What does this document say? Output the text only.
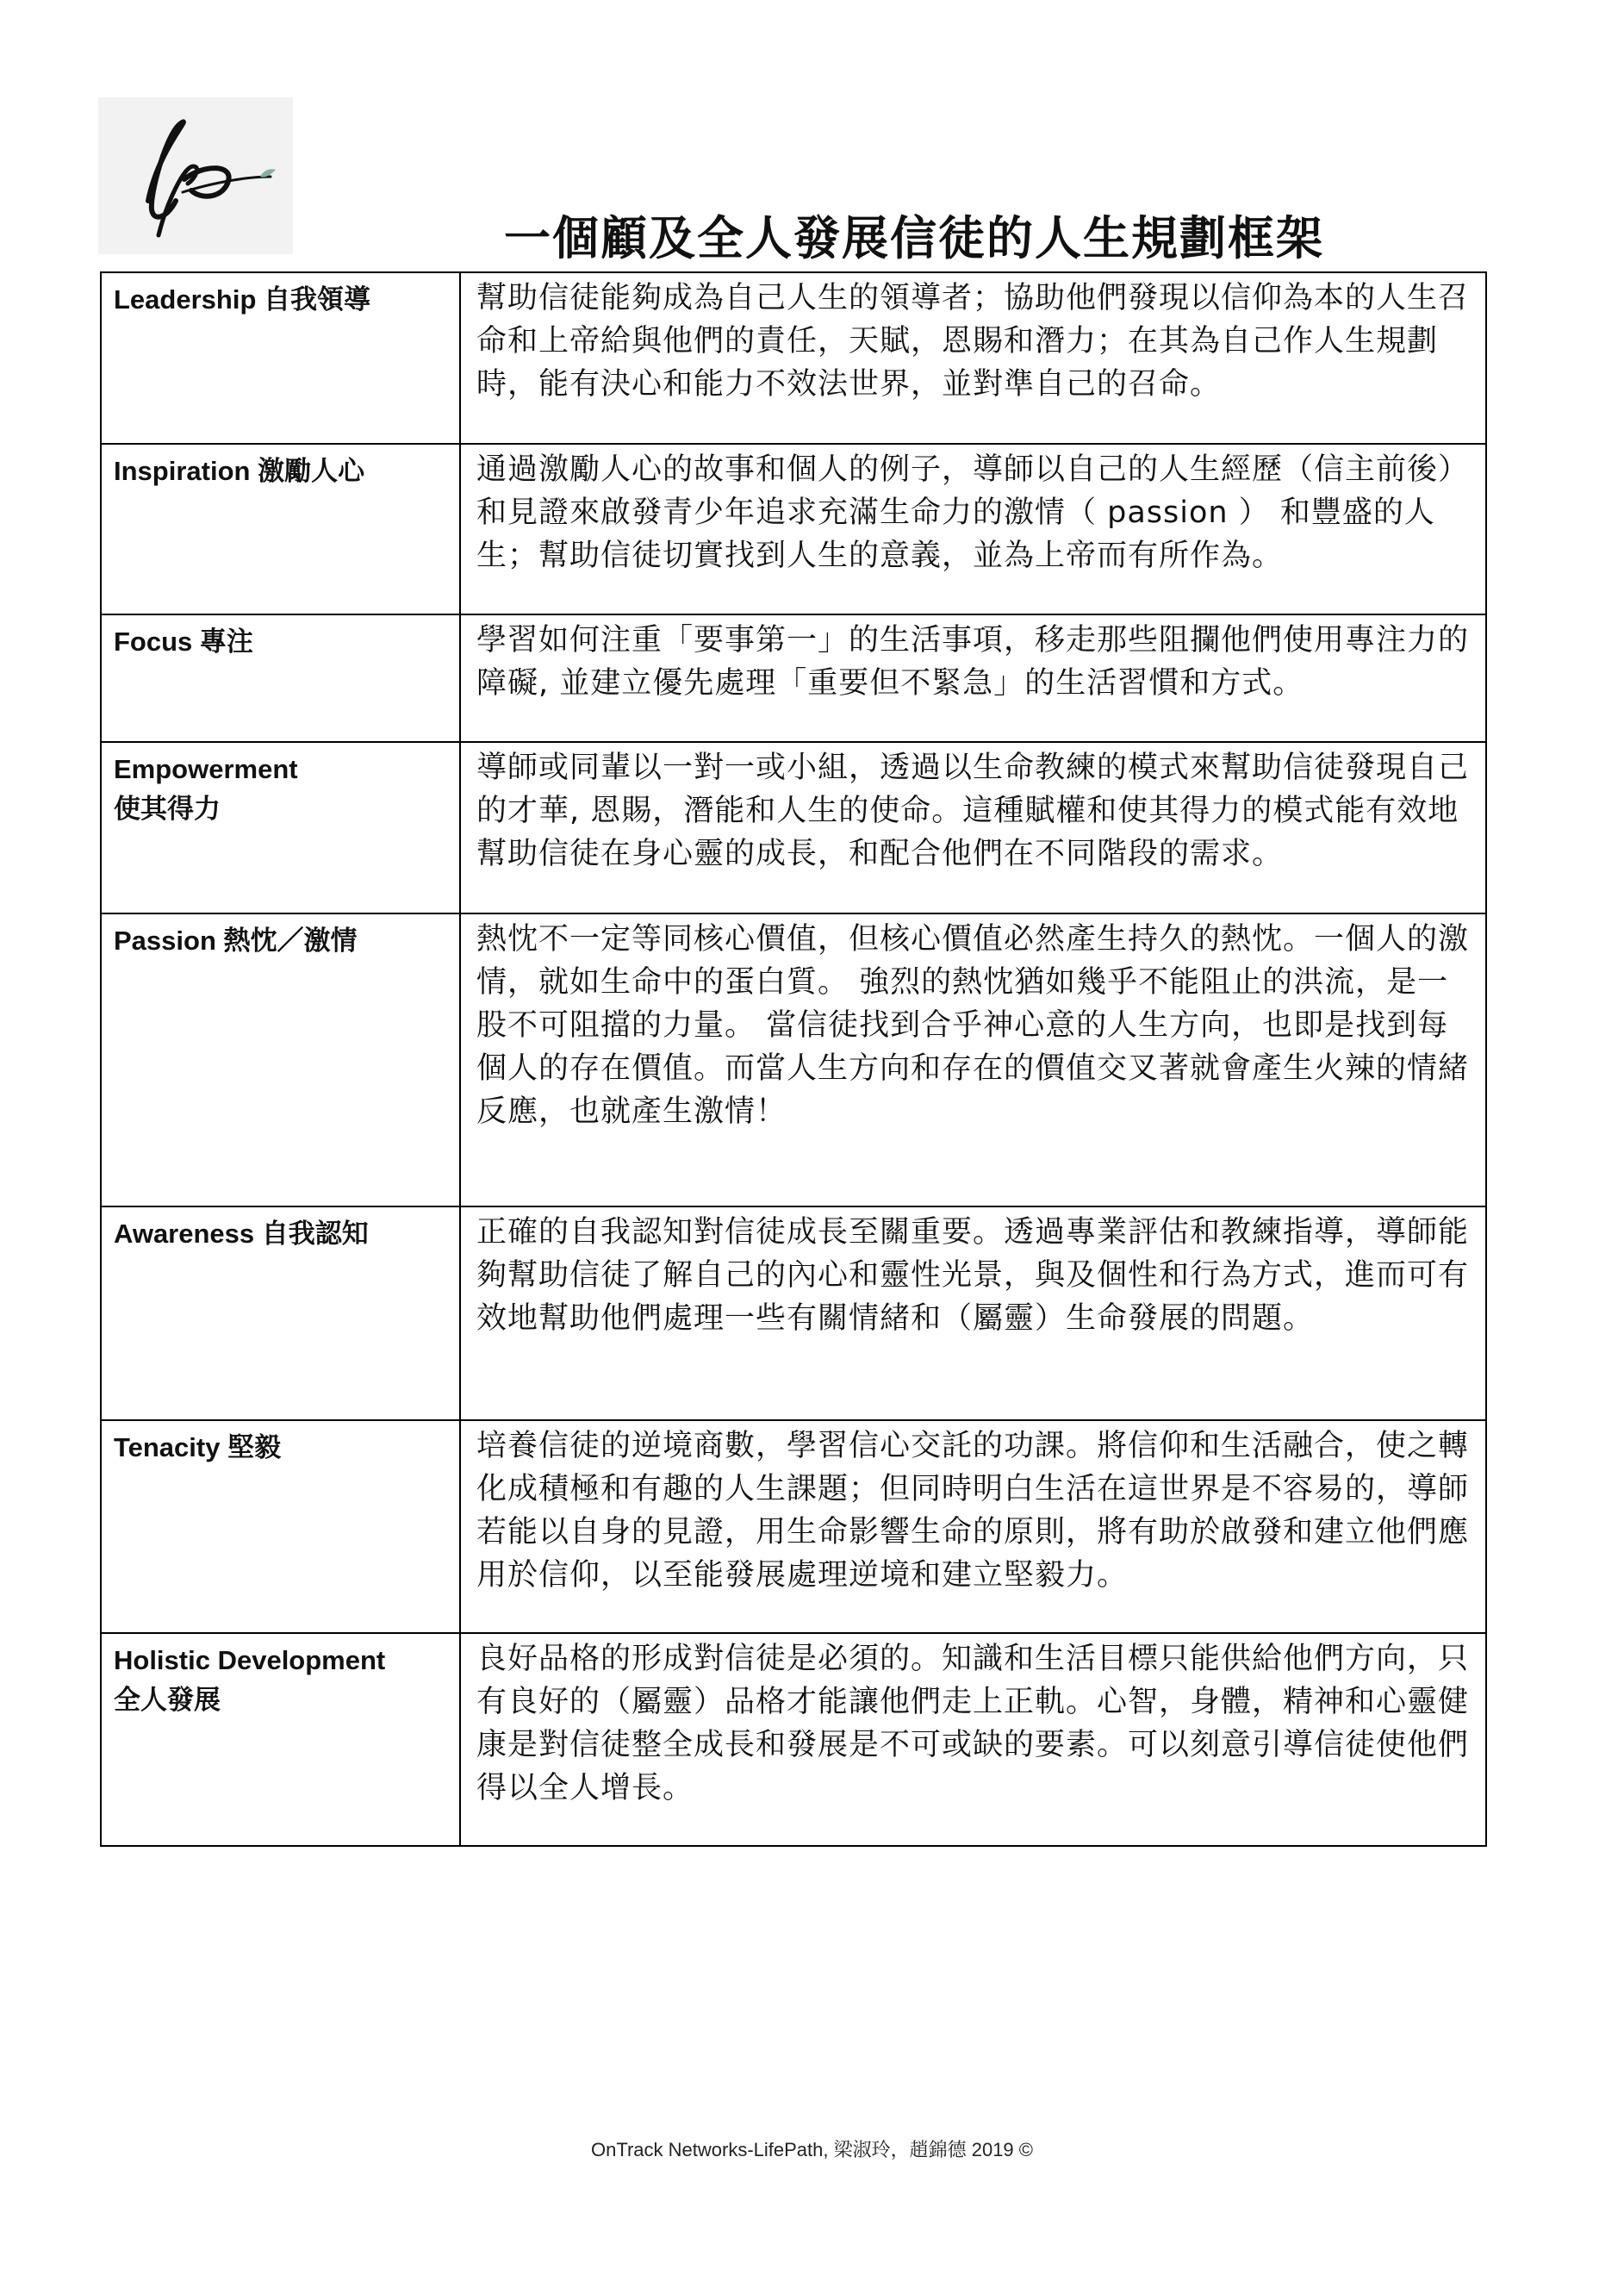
一個顧及全人發展信徒的人生規劃框架
Leadership 自我領導	幫助信徒能夠成為自己人生的領導者；協助他們發現以信仰為本的人生召命和上帝給與他們的責任，天賦，恩賜和潛力；在其為自己作人生規劃時，能有決心和能力不效法世界，並對準自己的召命。
Inspiration 激勵人心	通過激勵人心的故事和個人的例子，導師以自己的人生經歷（信主前後）和見證來啟發青少年追求充滿生命力的激情（ passion ） 和豐盛的人生；幫助信徒切實找到人生的意義，並為上帝而有所作為。
Focus 專注	學習如何注重「要事第一」的生活事項，移走那些阻攔他們使用專注力的障礙, 並建立優先處理「重要但不緊急」的生活習慣和方式。
Empowerment
使其得力	導師或同輩以一對一或小組，透過以生命教練的模式來幫助信徒發現自己的才華, 恩賜，潛能和人生的使命。這種賦權和使其得力的模式能有效地幫助信徒在身心靈的成長，和配合他們在不同階段的需求。
Passion 熱忱／激情	熱忱不一定等同核心價值，但核心價值必然產生持久的熱忱。一個人的激情，就如生命中的蛋白質。 強烈的熱忱猶如幾乎不能阻止的洪流，是一股不可阻擋的力量。 當信徒找到合乎神心意的人生方向，也即是找到每個人的存在價值。而當人生方向和存在的價值交叉著就會產生火辣的情緒反應，也就產生激情！
Awareness 自我認知	正確的自我認知對信徒成長至關重要。透過專業評估和教練指導，導師能夠幫助信徒了解自己的內心和靈性光景，與及個性和行為方式，進而可有效地幫助他們處理一些有關情緒和（屬靈）生命發展的問題。
Tenacity 堅毅	培養信徒的逆境商數，學習信心交託的功課。將信仰和生活融合，使之轉化成積極和有趣的人生課題；但同時明白生活在這世界是不容易的，導師若能以自身的見證，用生命影響生命的原則，將有助於啟發和建立他們應用於信仰，以至能發展處理逆境和建立堅毅力。
Holistic Development
全人發展	良好品格的形成對信徒是必須的。知識和生活目標只能供給他們方向，只有良好的（屬靈）品格才能讓他們走上正軌。心智，身體，精神和心靈健康是對信徒整全成長和發展是不可或缺的要素。可以刻意引導信徒使他們得以全人增長。
OnTrack Networks-LifePath, 梁淑玲，趙錦德 2019 ©
